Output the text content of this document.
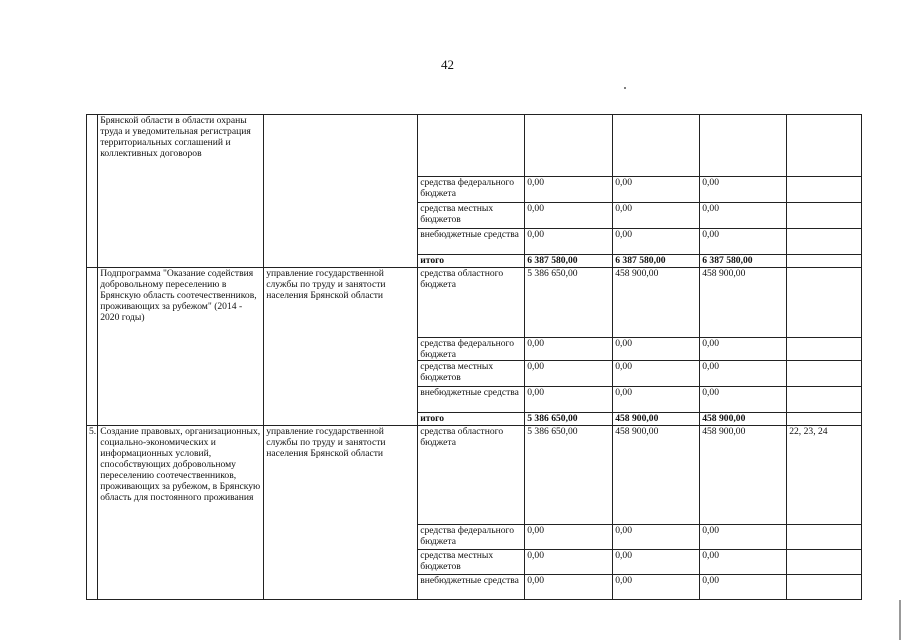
42
	Брянской области в области охраны труда и уведомительная регистрация территориальных соглашений и коллективных договоров						
			средства федерального бюджета	0,00	0,00	0,00	
			средства местных бюджетов	0,00	0,00	0,00	
			внебюджетные средства	0,00	0,00	0,00	
			итого	6 387 580,00	6 387 580,00	6 387 580,00	
	Подпрограмма "Оказание содействия добровольному переселению в Брянскую область соотечественников, проживающих за рубежом" (2014 - 2020 годы)	управление государственной службы по труду и занятости населения Брянской области	средства областного бюджета	5 386 650,00	458 900,00	458 900,00	
			средства федерального бюджета	0,00	0,00	0,00	
			средства местных бюджетов	0,00	0,00	0,00	
			внебюджетные средства	0,00	0,00	0,00	
			итого	5 386 650,00	458 900,00	458 900,00	
5.	Создание правовых, организационных, социально-экономических и информационных условий, способствующих добровольному переселению соотечественников, проживающих за рубежом, в Брянскую область для постоянного проживания	управление государственной службы по труду и занятости населения Брянской области	средства областного бюджета	5 386 650,00	458 900,00	458 900,00	22, 23, 24
			средства федерального бюджета	0,00	0,00	0,00	
			средства местных бюджетов	0,00	0,00	0,00	
			внебюджетные средства	0,00	0,00	0,00	
